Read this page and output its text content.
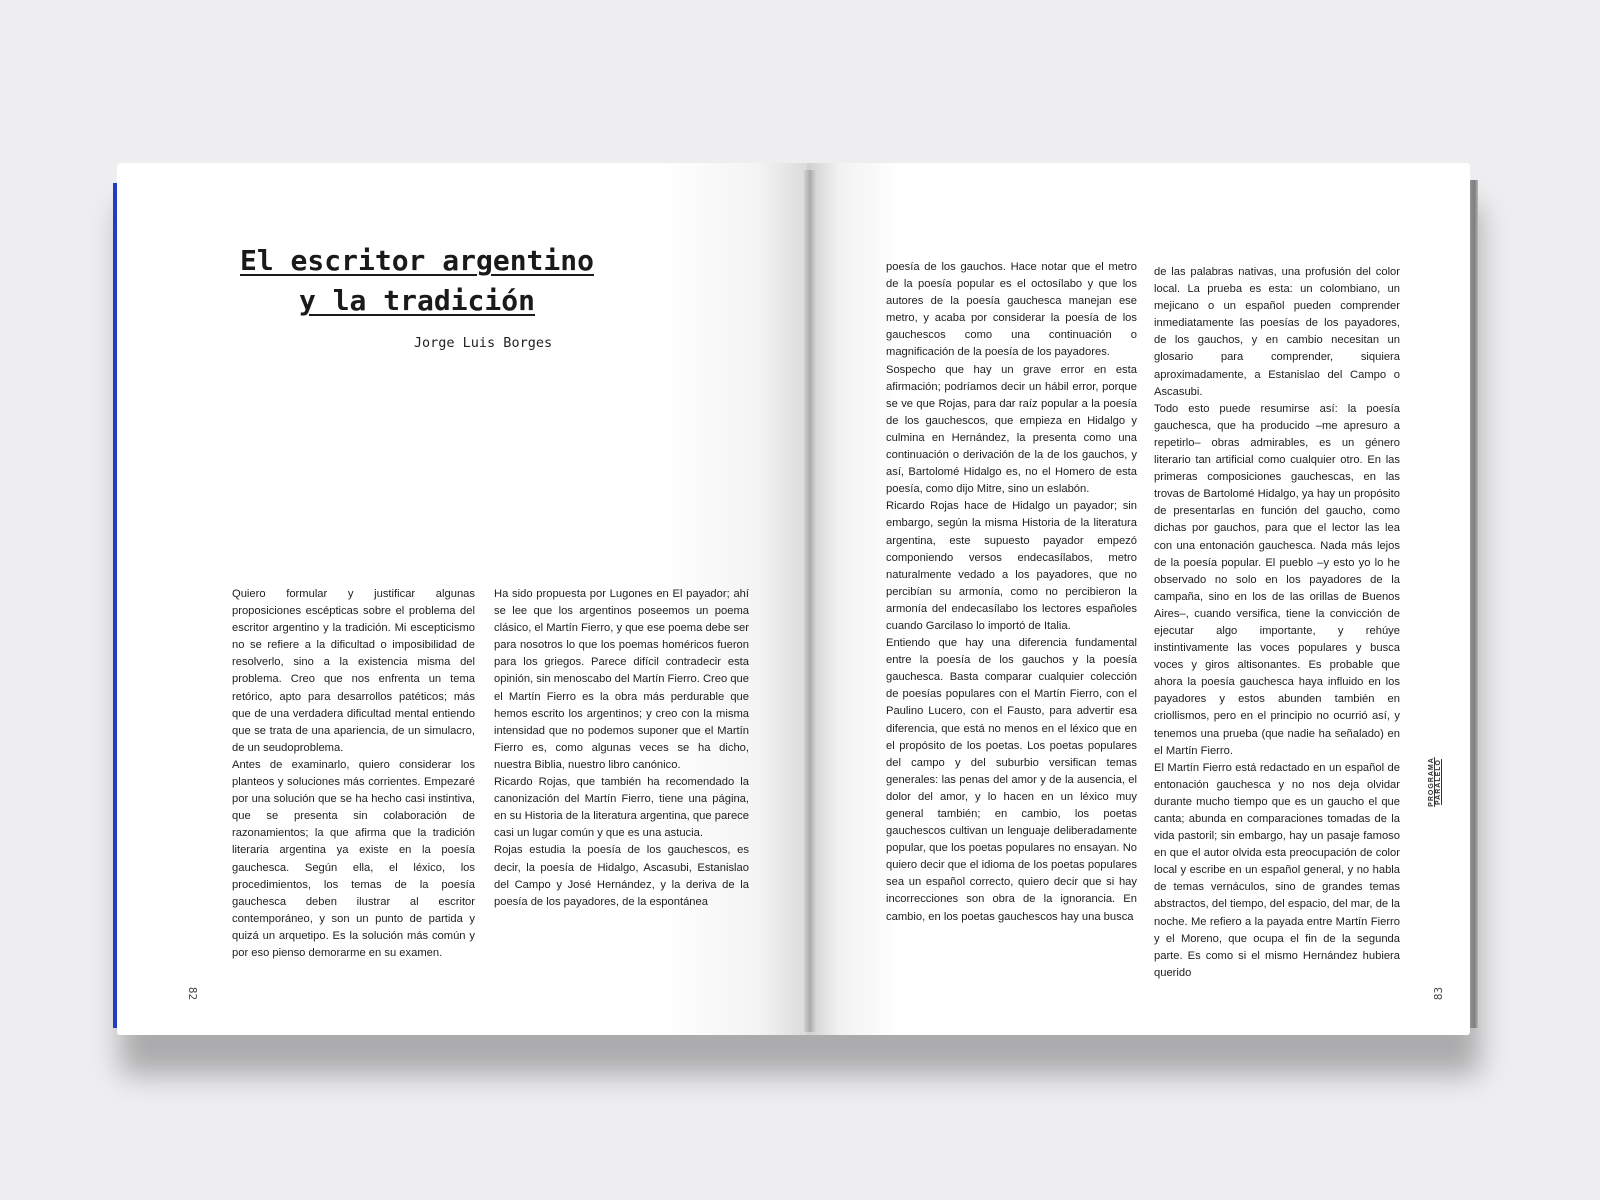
El escritor argentino
y la tradición

Jorge Luis Borges

Quiero formular y justificar algunas proposiciones escépticas sobre el problema del escritor argentino y la tradición. Mi escepticismo no se refiere a la dificultad o imposibilidad de resolverlo, sino a la existencia misma del problema. Creo que nos enfrenta un tema retórico, apto para desarrollos patéticos; más que de una verdadera dificultad mental entiendo que se trata de una apariencia, de un simulacro, de un seudoproblema.

Antes de examinarlo, quiero considerar los planteos y soluciones más corrientes. Empezaré por una solución que se ha hecho casi instintiva, que se presenta sin colaboración de razonamientos; la que afirma que la tradición literaria argentina ya existe en la poesía gauchesca. Según ella, el léxico, los procedimientos, los temas de la poesía gauchesca deben ilustrar al escritor contemporáneo, y son un punto de partida y quizá un arquetipo. Es la solución más común y por eso pienso demorarme en su examen.

Ha sido propuesta por Lugones en El payador; ahí se lee que los argentinos poseemos un poema clásico, el Martín Fierro, y que ese poema debe ser para nosotros lo que los poemas homéricos fueron para los griegos. Parece difícil contradecir esta opinión, sin menoscabo del Martín Fierro. Creo que el Martín Fierro es la obra más perdurable que hemos escrito los argentinos; y creo con la misma intensidad que no podemos suponer que el Martín Fierro es, como algunas veces se ha dicho, nuestra Biblia, nuestro libro canónico.

Ricardo Rojas, que también ha recomendado la canonización del Martín Fierro, tiene una página, en su Historia de la literatura argentina, que parece casi un lugar común y que es una astucia.

Rojas estudia la poesía de los gauchescos, es decir, la poesía de Hidalgo, Ascasubi, Estanislao del Campo y José Hernández, y la deriva de la poesía de los payadores, de la espontánea

poesía de los gauchos. Hace notar que el metro de la poesía popular es el octosílabo y que los autores de la poesía gauchesca manejan ese metro, y acaba por considerar la poesía de los gauchescos como una continuación o magnificación de la poesía de los payadores.

Sospecho que hay un grave error en esta afirmación; podríamos decir un hábil error, porque se ve que Rojas, para dar raíz popular a la poesía de los gauchescos, que empieza en Hidalgo y culmina en Hernández, la presenta como una continuación o derivación de la de los gauchos, y así, Bartolomé Hidalgo es, no el Homero de esta poesía, como dijo Mitre, sino un eslabón.

Ricardo Rojas hace de Hidalgo un payador; sin embargo, según la misma Historia de la literatura argentina, este supuesto payador empezó componiendo versos endecasílabos, metro naturalmente vedado a los payadores, que no percibían su armonía, como no percibieron la armonía del endecasílabo los lectores españoles cuando Garcilaso lo importó de Italia.

Entiendo que hay una diferencia fundamental entre la poesía de los gauchos y la poesía gauchesca. Basta comparar cualquier colección de poesías populares con el Martín Fierro, con el Paulino Lucero, con el Fausto, para advertir esa diferencia, que está no menos en el léxico que en el propósito de los poetas. Los poetas populares del campo y del suburbio versifican temas generales: las penas del amor y de la ausencia, el dolor del amor, y lo hacen en un léxico muy general también; en cambio, los poetas gauchescos cultivan un lenguaje deliberadamente popular, que los poetas populares no ensayan. No quiero decir que el idioma de los poetas populares sea un español correcto, quiero decir que si hay incorrecciones son obra de la ignorancia. En cambio, en los poetas gauchescos hay una busca

de las palabras nativas, una profusión del color local. La prueba es esta: un colombiano, un mejicano o un español pueden comprender inmediatamente las poesías de los payadores, de los gauchos, y en cambio necesitan un glosario para comprender, siquiera aproximadamente, a Estanislao del Campo o Ascasubi.

Todo esto puede resumirse así: la poesía gauchesca, que ha producido –me apresuro a repetirlo– obras admirables, es un género literario tan artificial como cualquier otro. En las primeras composiciones gauchescas, en las trovas de Bartolomé Hidalgo, ya hay un propósito de presentarlas en función del gaucho, como dichas por gauchos, para que el lector las lea con una entonación gauchesca. Nada más lejos de la poesía popular. El pueblo –y esto yo lo he observado no solo en los payadores de la campaña, sino en los de las orillas de Buenos Aires–, cuando versifica, tiene la convicción de ejecutar algo importante, y rehúye instintivamente las voces populares y busca voces y giros altisonantes. Es probable que ahora la poesía gauchesca haya influido en los payadores y estos abunden también en criollismos, pero en el principio no ocurrió así, y tenemos una prueba (que nadie ha señalado) en el Martín Fierro.

El Martín Fierro está redactado en un español de entonación gauchesca y no nos deja olvidar durante mucho tiempo que es un gaucho el que canta; abunda en comparaciones tomadas de la vida pastoril; sin embargo, hay un pasaje famoso en que el autor olvida esta preocupación de color local y escribe en un español general, y no habla de temas vernáculos, sino de grandes temas abstractos, del tiempo, del espacio, del mar, de la noche. Me refiero a la payada entre Martín Fierro y el Moreno, que ocupa el fin de la segunda parte. Es como si el mismo Hernández hubiera querido

82	83
PROGRAMA PARALELO
